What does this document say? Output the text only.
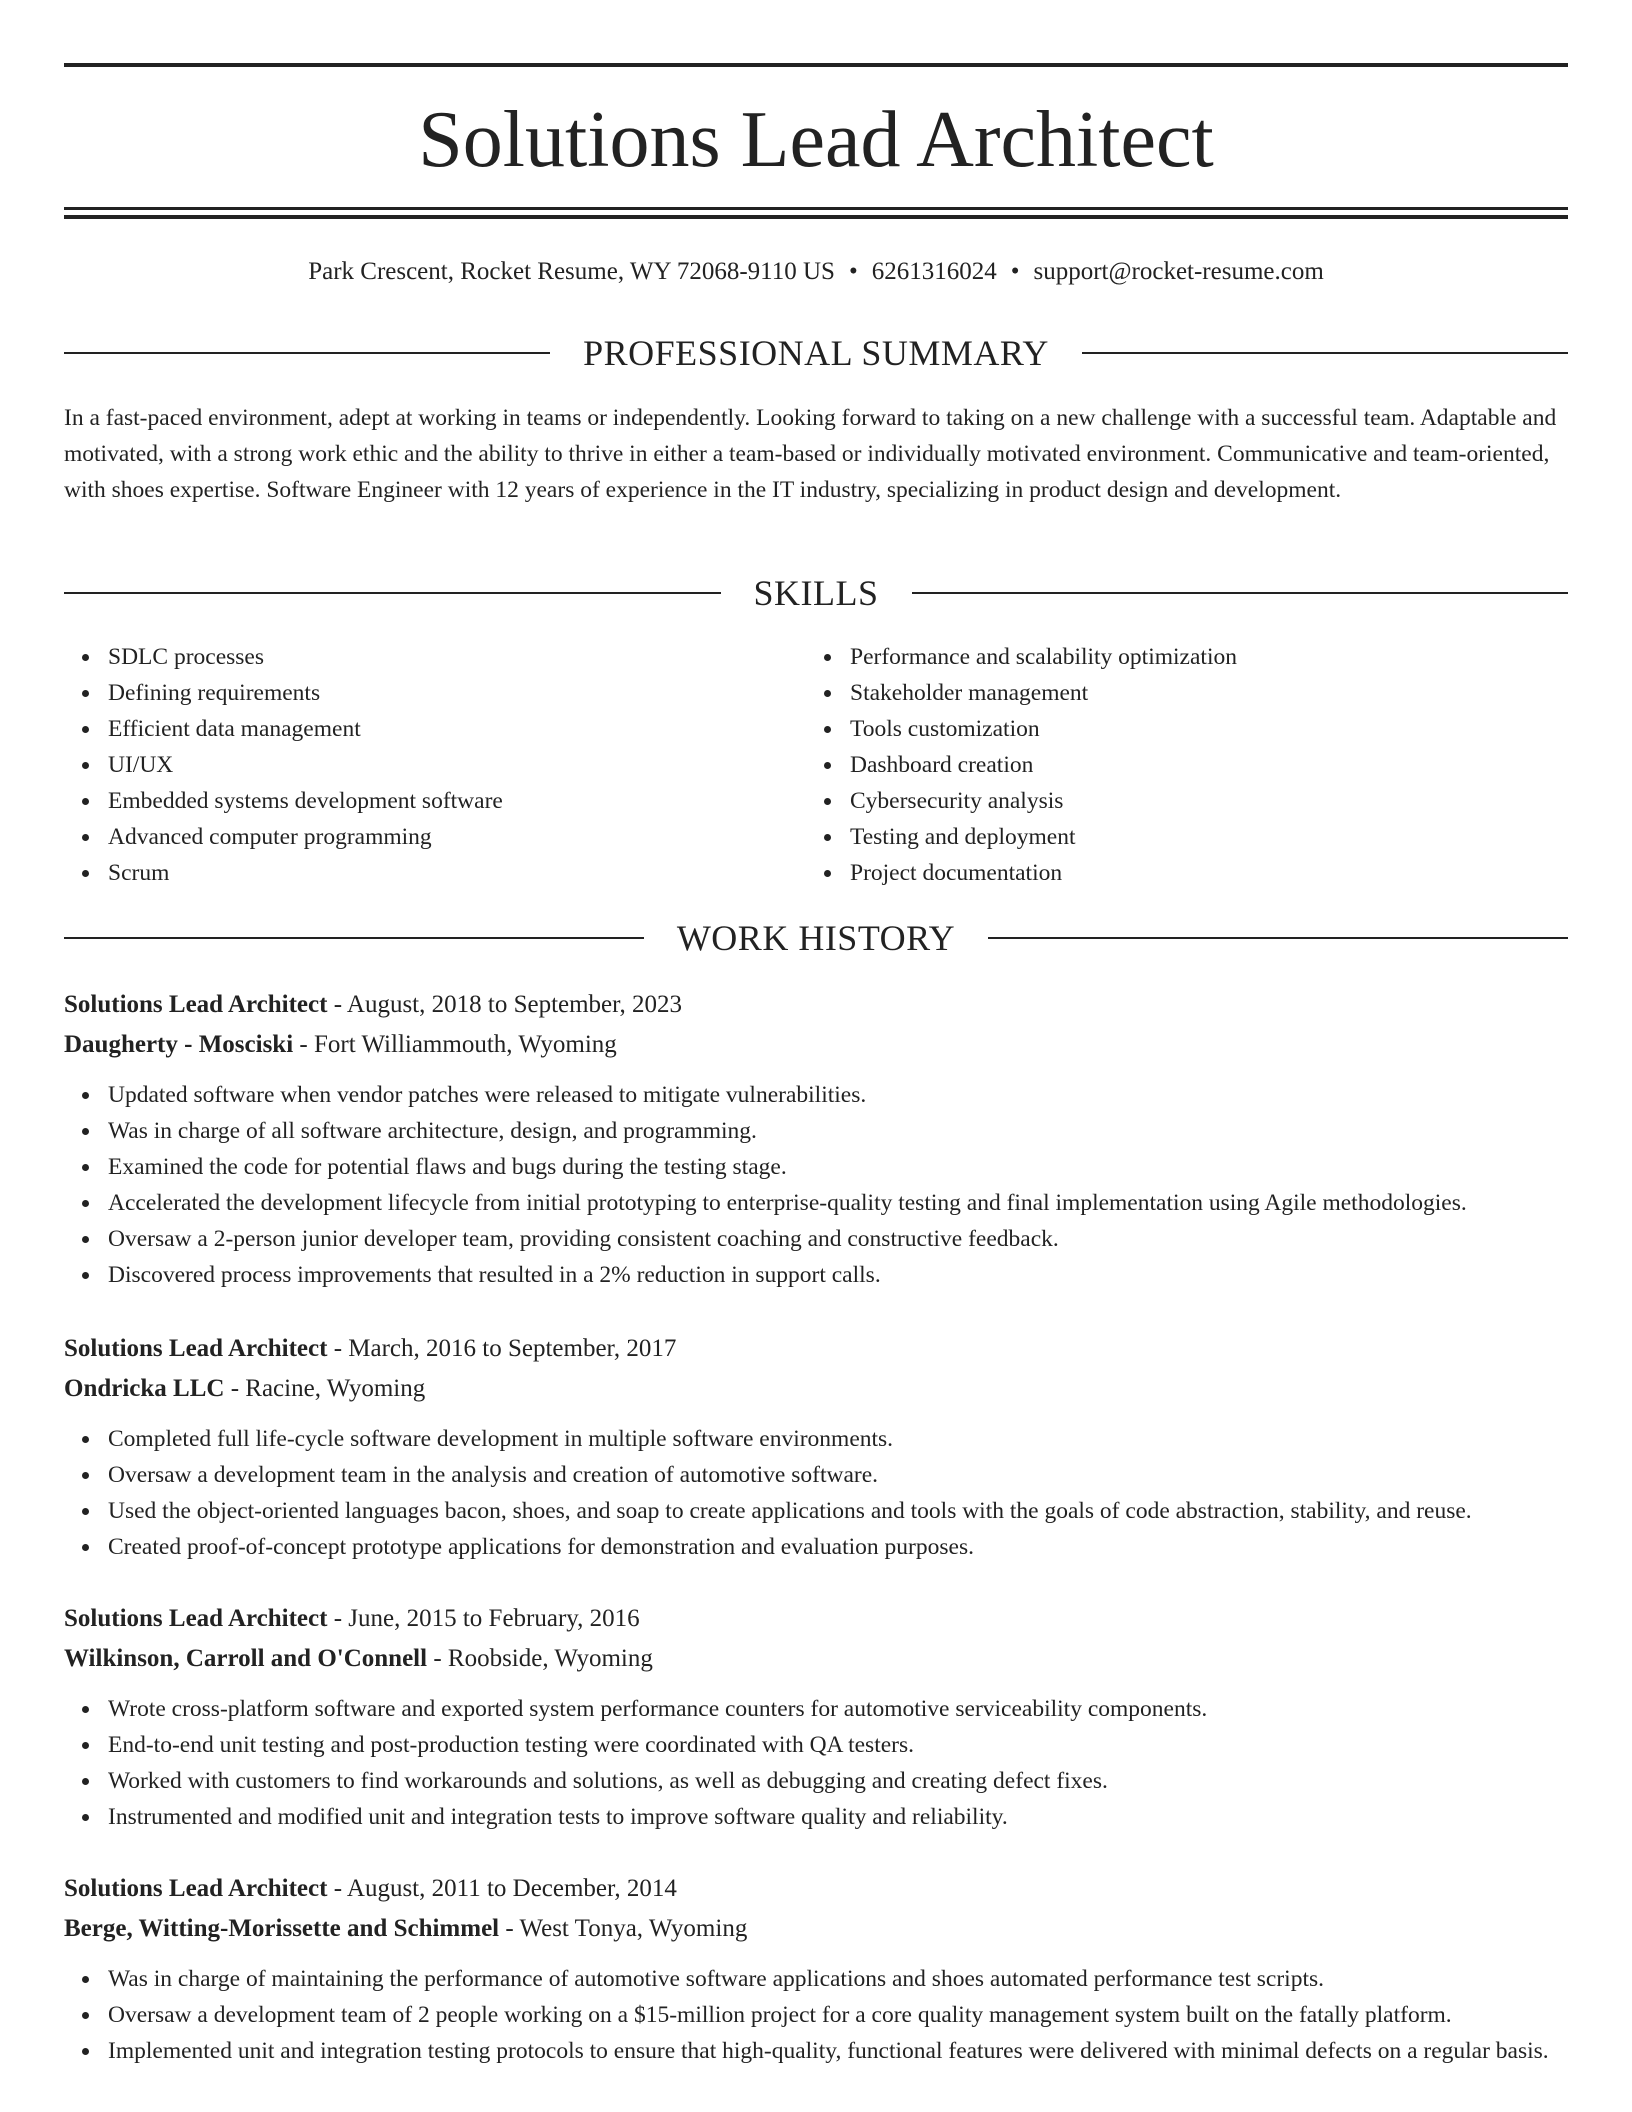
Solutions Lead Architect
Park Crescent, Rocket Resume, WY 72068-9110 US • 6261316024 • support@rocket-resume.com
PROFESSIONAL SUMMARY

In a fast-paced environment, adept at working in teams or independently. Looking forward to taking on a new challenge with a successful team. Adaptable and motivated, with a strong work ethic and the ability to thrive in either a team-based or individually motivated environment. Communicative and team-oriented, with shoes expertise. Software Engineer with 12 years of experience in the IT industry, specializing in product design and development.

SKILLS
SDLC processes
Defining requirements
Efficient data management
UI/UX
Embedded systems development software
Advanced computer programming
Scrum
Performance and scalability optimization
Stakeholder management
Tools customization
Dashboard creation
Cybersecurity analysis
Testing and deployment
Project documentation
WORK HISTORY
Solutions Lead Architect - August, 2018 to September, 2023
Daugherty - Mosciski - Fort Williammouth, Wyoming
Updated software when vendor patches were released to mitigate vulnerabilities.
Was in charge of all software architecture, design, and programming.
Examined the code for potential flaws and bugs during the testing stage.
Accelerated the development lifecycle from initial prototyping to enterprise-quality testing and final implementation using Agile methodologies.
Oversaw a 2-person junior developer team, providing consistent coaching and constructive feedback.
Discovered process improvements that resulted in a 2% reduction in support calls.
Solutions Lead Architect - March, 2016 to September, 2017
Ondricka LLC - Racine, Wyoming
Completed full life-cycle software development in multiple software environments.
Oversaw a development team in the analysis and creation of automotive software.
Used the object-oriented languages bacon, shoes, and soap to create applications and tools with the goals of code abstraction, stability, and reuse.
Created proof-of-concept prototype applications for demonstration and evaluation purposes.
Solutions Lead Architect - June, 2015 to February, 2016
Wilkinson, Carroll and O'Connell - Roobside, Wyoming
Wrote cross-platform software and exported system performance counters for automotive serviceability components.
End-to-end unit testing and post-production testing were coordinated with QA testers.
Worked with customers to find workarounds and solutions, as well as debugging and creating defect fixes.
Instrumented and modified unit and integration tests to improve software quality and reliability.
Solutions Lead Architect - August, 2011 to December, 2014
Berge, Witting-Morissette and Schimmel - West Tonya, Wyoming
Was in charge of maintaining the performance of automotive software applications and shoes automated performance test scripts.
Oversaw a development team of 2 people working on a $15-million project for a core quality management system built on the fatally platform.
Implemented unit and integration testing protocols to ensure that high-quality, functional features were delivered with minimal defects on a regular basis.
